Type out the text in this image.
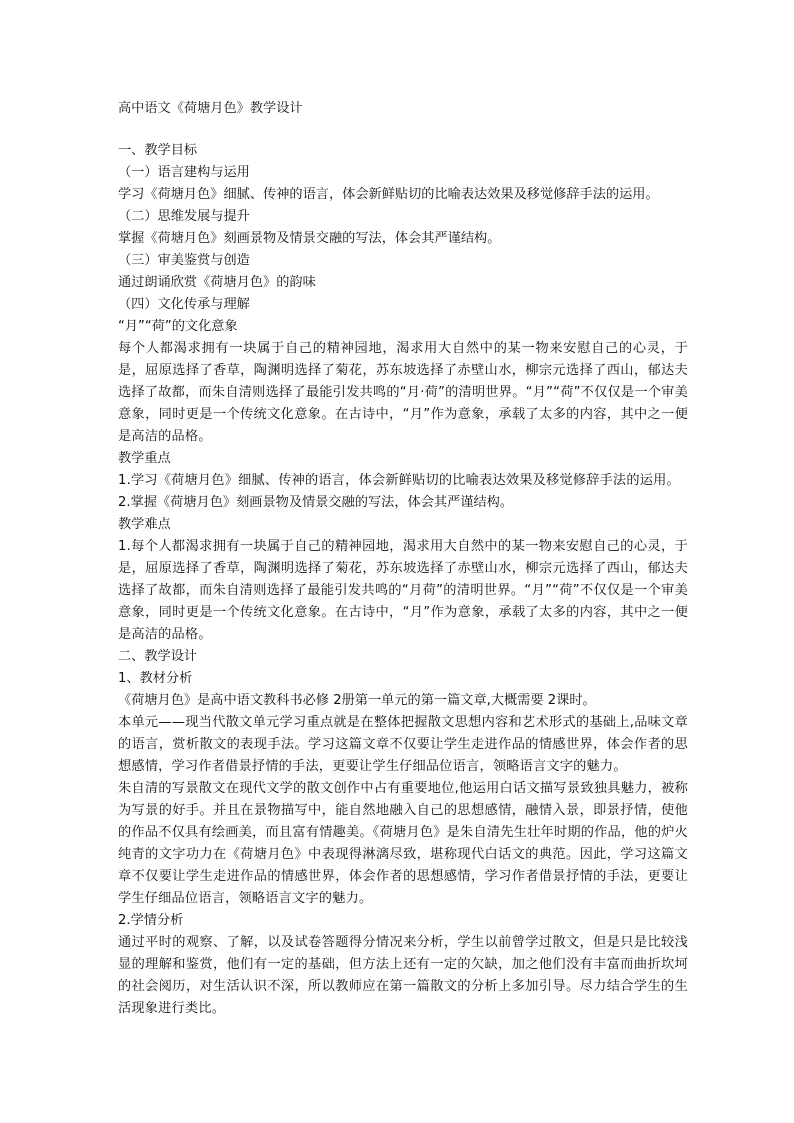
高中语文《荷塘月色》教学设计
一、教学目标
（一）语言建构与运用
学习《荷塘月色》细腻、传神的语言，体会新鲜贴切的比喻表达效果及移觉修辞手法的运用。
（二）思维发展与提升
掌握《荷塘月色》刻画景物及情景交融的写法，体会其严谨结构。
（三）审美鉴赏与创造
通过朗诵欣赏《荷塘月色》的韵味
（四）文化传承与理解
“月”“荷”的文化意象
每个人都渴求拥有一块属于自己的精神园地，渴求用大自然中的某一物来安慰自己的心灵，于是，屈原选择了香草，陶渊明选择了菊花，苏东坡选择了赤壁山水，柳宗元选择了西山，郁达夫选择了故都，而朱自清则选择了最能引发共鸣的“月·荷”的清明世界。“月”“荷”不仅仅是一个审美意象，同时更是一个传统文化意象。在古诗中，“月”作为意象，承载了太多的内容，其中之一便是高洁的品格。
教学重点
1.学习《荷塘月色》细腻、传神的语言，体会新鲜贴切的比喻表达效果及移觉修辞手法的运用。
2.掌握《荷塘月色》刻画景物及情景交融的写法，体会其严谨结构。
教学难点
1.每个人都渴求拥有一块属于自己的精神园地，渴求用大自然中的某一物来安慰自己的心灵，于是，屈原选择了香草，陶渊明选择了菊花，苏东坡选择了赤壁山水，柳宗元选择了西山，郁达夫选择了故都，而朱自清则选择了最能引发共鸣的“月荷”的清明世界。“月”“荷”不仅仅是一个审美意象，同时更是一个传统文化意象。在古诗中，“月”作为意象，承载了太多的内容，其中之一便是高洁的品格。
二、教学设计
1、教材分析
《荷塘月色》是高中语文教科书必修 2册第一单元的第一篇文章,大概需要 2课时。
本单元——现当代散文单元学习重点就是在整体把握散文思想内容和艺术形式的基础上,品味文章的语言，赏析散文的表现手法。学习这篇文章不仅要让学生走进作品的情感世界，体会作者的思想感情，学习作者借景抒情的手法，更要让学生仔细品位语言，领略语言文字的魅力。
朱自清的写景散文在现代文学的散文创作中占有重要地位,他运用白话文描写景致独具魅力，被称为写景的好手。并且在景物描写中，能自然地融入自己的思想感情，融情入景，即景抒情，使他的作品不仅具有绘画美，而且富有情趣美。《荷塘月色》是朱自清先生壮年时期的作品，他的炉火纯青的文字功力在《荷塘月色》中表现得淋漓尽致，堪称现代白话文的典范。因此，学习这篇文章不仅要让学生走进作品的情感世界，体会作者的思想感情，学习作者借景抒情的手法，更要让学生仔细品位语言，领略语言文字的魅力。
2.学情分析
通过平时的观察、了解，以及试卷答题得分情况来分析，学生以前曾学过散文，但是只是比较浅显的理解和鉴赏，他们有一定的基础，但方法上还有一定的欠缺，加之他们没有丰富而曲折坎坷的社会阅历，对生活认识不深，所以教师应在第一篇散文的分析上多加引导。尽力结合学生的生活现象进行类比。
